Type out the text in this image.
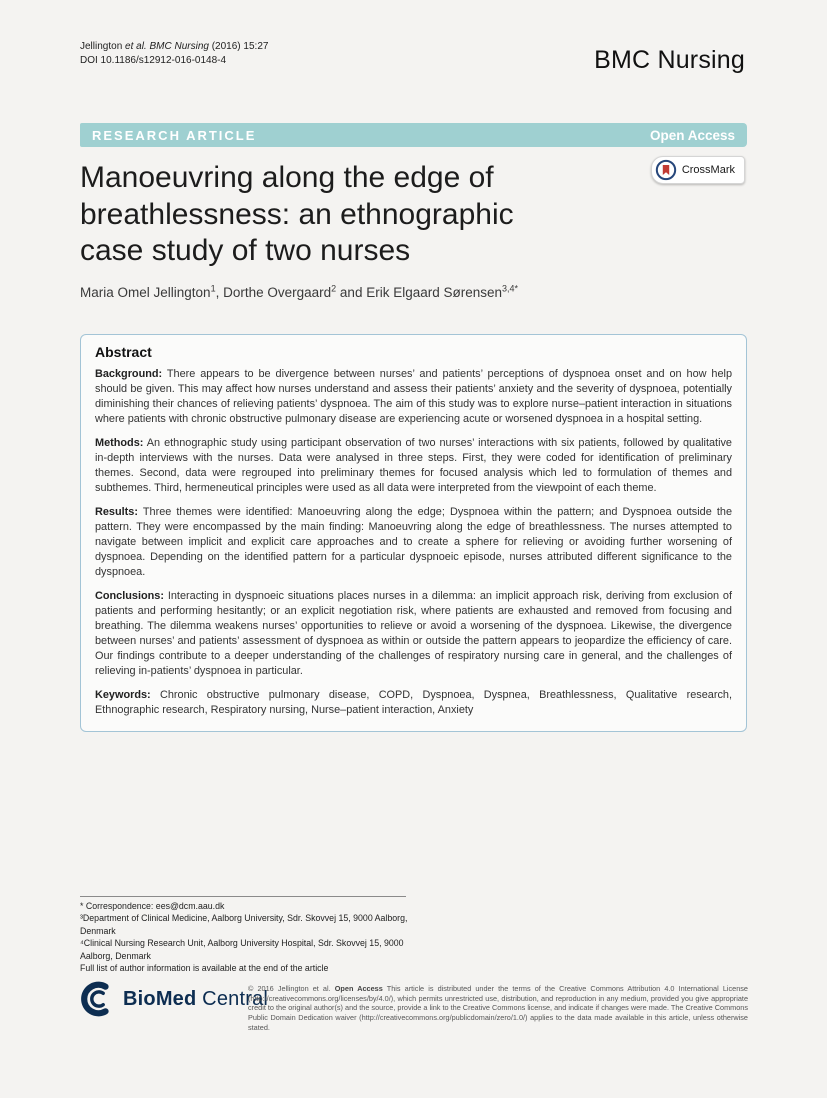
Jellington et al. BMC Nursing (2016) 15:27
DOI 10.1186/s12912-016-0148-4	BMC Nursing
RESEARCH ARTICLE	Open Access
CrossMark
Manoeuvring along the edge of
breathlessness: an ethnographic
case study of two nurses
Maria Omel Jellington$^1$, Dorthe Overgaard$^2$ and Erik Elgaard Sørensen$^{3,4*}$
Abstract

Background: There appears to be divergence between nurses’ and patients’ perceptions of dyspnoea onset and on how help should be given. This may affect how nurses understand and assess their patients’ anxiety and the severity of dyspnoea, potentially diminishing their chances of relieving patients’ dyspnoea. The aim of this study was to explore nurse–patient interaction in situations where patients with chronic obstructive pulmonary disease are experiencing acute or worsened dyspnoea in a hospital setting.

Methods: An ethnographic study using participant observation of two nurses’ interactions with six patients, followed by qualitative in-depth interviews with the nurses. Data were analysed in three steps. First, they were coded for identification of preliminary themes. Second, data were regrouped into preliminary themes for focused analysis which led to formulation of themes and subthemes. Third, hermeneutical principles were used as all data were interpreted from the viewpoint of each theme.

Results: Three themes were identified: Manoeuvring along the edge; Dyspnoea within the pattern; and Dyspnoea outside the pattern. They were encompassed by the main finding: Manoeuvring along the edge of breathlessness. The nurses attempted to navigate between implicit and explicit care approaches and to create a sphere for relieving or avoiding further worsening of dyspnoea. Depending on the identified pattern for a particular dyspnoeic episode, nurses attributed different significance to the dyspnoea.

Conclusions: Interacting in dyspnoeic situations places nurses in a dilemma: an implicit approach risk, deriving from exclusion of patients and performing hesitantly; or an explicit negotiation risk, where patients are exhausted and removed from focusing and breathing. The dilemma weakens nurses’ opportunities to relieve or avoid a worsening of the dyspnoea. Likewise, the divergence between nurses’ and patients’ assessment of dyspnoea as within or outside the pattern appears to jeopardize the efficiency of care. Our findings contribute to a deeper understanding of the challenges of respiratory nursing care in general, and the challenges of relieving in-patients’ dyspnoea in particular.

Keywords: Chronic obstructive pulmonary disease, COPD, Dyspnoea, Dyspnea, Breathlessness, Qualitative research, Ethnographic research, Respiratory nursing, Nurse–patient interaction, Anxiety

* Correspondence: ees@dcm.aau.dk
³Department of Clinical Medicine, Aalborg University, Sdr. Skovvej 15, 9000 Aalborg, Denmark
⁴Clinical Nursing Research Unit, Aalborg University Hospital, Sdr. Skovvej 15, 9000 Aalborg, Denmark
Full list of author information is available at the end of the article
BioMed Central
© 2016 Jellington et al. Open Access This article is distributed under the terms of the Creative Commons Attribution 4.0 International License (http://creativecommons.org/licenses/by/4.0/), which permits unrestricted use, distribution, and reproduction in any medium, provided you give appropriate credit to the original author(s) and the source, provide a link to the Creative Commons license, and indicate if changes were made. The Creative Commons Public Domain Dedication waiver (http://creativecommons.org/publicdomain/zero/1.0/) applies to the data made available in this article, unless otherwise stated.
